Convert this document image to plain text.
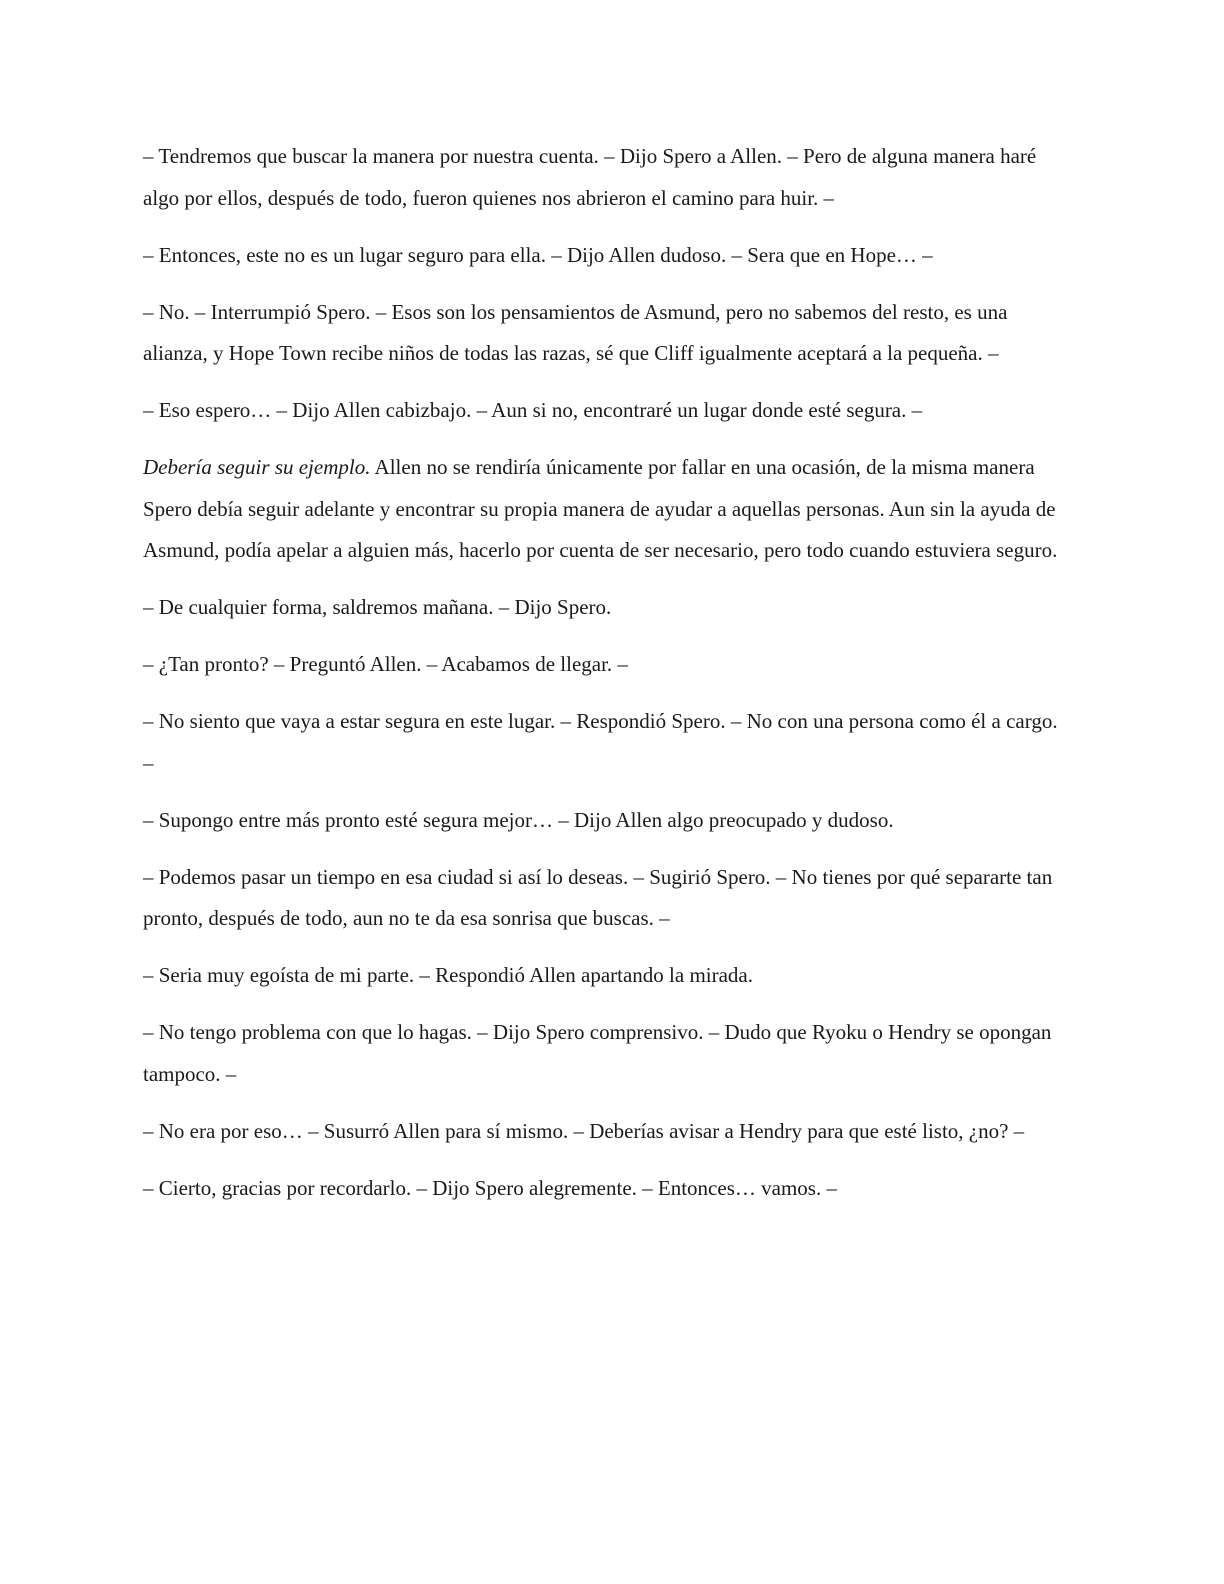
– Tendremos que buscar la manera por nuestra cuenta. – Dijo Spero a Allen. – Pero de alguna manera haré algo por ellos, después de todo, fueron quienes nos abrieron el camino para huir. –

– Entonces, este no es un lugar seguro para ella. – Dijo Allen dudoso. – Sera que en Hope… –

– No. – Interrumpió Spero. – Esos son los pensamientos de Asmund, pero no sabemos del resto, es una alianza, y Hope Town recibe niños de todas las razas, sé que Cliff igualmente aceptará a la pequeña. –

– Eso espero… – Dijo Allen cabizbajo. – Aun si no, encontraré un lugar donde esté segura. –

Debería seguir su ejemplo. Allen no se rendiría únicamente por fallar en una ocasión, de la misma manera Spero debía seguir adelante y encontrar su propia manera de ayudar a aquellas personas. Aun sin la ayuda de Asmund, podía apelar a alguien más, hacerlo por cuenta de ser necesario, pero todo cuando estuviera seguro.

– De cualquier forma, saldremos mañana. – Dijo Spero.

– ¿Tan pronto? – Preguntó Allen. – Acabamos de llegar. –

– No siento que vaya a estar segura en este lugar. – Respondió Spero. – No con una persona como él a cargo. –

– Supongo entre más pronto esté segura mejor… – Dijo Allen algo preocupado y dudoso.

– Podemos pasar un tiempo en esa ciudad si así lo deseas. – Sugirió Spero. – No tienes por qué separarte tan pronto, después de todo, aun no te da esa sonrisa que buscas. –

– Seria muy egoísta de mi parte. – Respondió Allen apartando la mirada.

– No tengo problema con que lo hagas. – Dijo Spero comprensivo. – Dudo que Ryoku o Hendry se opongan tampoco. –

– No era por eso… – Susurró Allen para sí mismo. – Deberías avisar a Hendry para que esté listo, ¿no? –

– Cierto, gracias por recordarlo. – Dijo Spero alegremente. – Entonces… vamos. –
